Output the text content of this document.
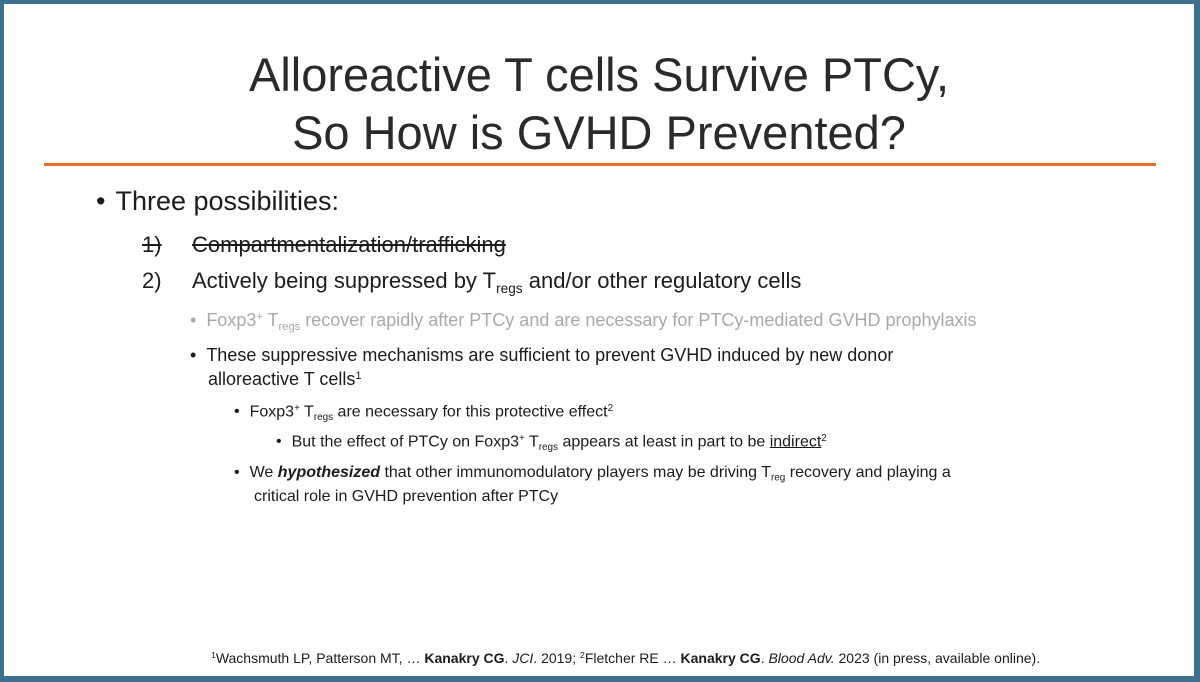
Alloreactive T cells Survive PTCy,
So How is GVHD Prevented?
• Three possibilities:
1) Compartmentalization/trafficking
2) Actively being suppressed by $T_{regs}$ and/or other regulatory cells
• Foxp3+ $T_{regs}$ recover rapidly after PTCy and are necessary for PTCy-mediated GVHD prophylaxis
• These suppressive mechanisms are sufficient to prevent GVHD induced by new donor
alloreactive T cells$^1$
• Foxp3+ $T_{regs}$ are necessary for this protective effect$^2$
• But the effect of PTCy on Foxp3+ $T_{regs}$ appears at least in part to be indirect$^2$
• We hypothesized that other immunomodulatory players may be driving $T_{reg}$ recovery and playing a
critical role in GVHD prevention after PTCy
$^1$Wachsmuth LP, Patterson MT, … Kanakry CG. JCI. 2019; $^2$Fletcher RE … Kanakry CG. Blood Adv. 2023 (in press, available online).
